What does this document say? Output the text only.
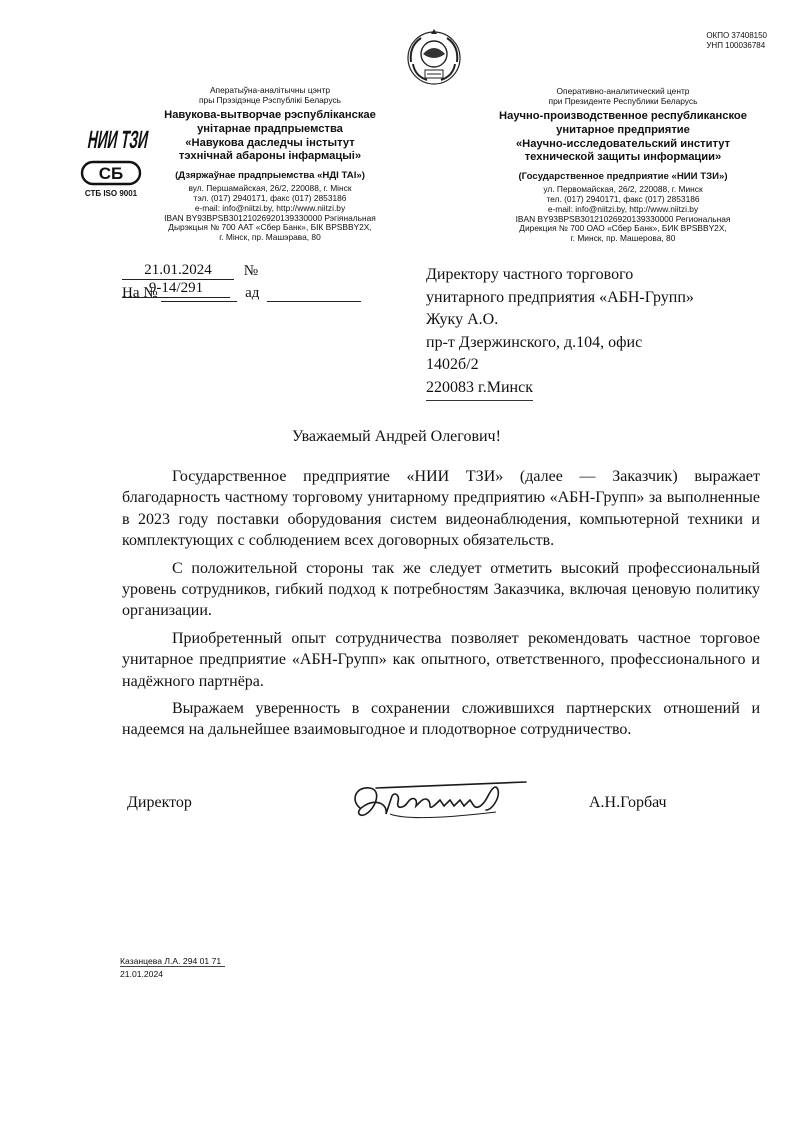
ОКПО 37408150
УНП 100036784
Аператыўна-аналітычны цэнтр
пры Прэзідэнце Рэспублікі Беларусь
Навукова-вытворчае рэспубліканскае
унітарнае прадпрыемства
«Навукова даследчы інстытут
тэхнічнай абароны інфармацыі»
(Дзяржаўнае прадпрыемства «НДІ ТАІ»)
вул. Першамайская, 26/2, 220088, г. Мінск
тэл. (017) 2940171, факс (017) 2853186
e-mail: info@niitzi.by, http://www.niitzi.by
IBAN BY93BPSB30121026920139330000 Рэгіянальная
Дырэкцыя № 700 ААТ «Сбер Банк», БІК BPSBBY2X,
г. Мінск, пр. Машэрава, 80
НИИ ТЗИ
СБ
СТБ ISO 9001
Оперативно-аналитический центр
при Президенте Республики Беларусь
Научно-производственное республиканское
унитарное предприятие
«Научно-исследовательский институт
технической защиты информации»
(Государственное предприятие «НИИ ТЗИ»)
ул. Первомайская, 26/2, 220088, г. Минск
тел. (017) 2940171, факс (017) 2853186
e-mail: info@niitzi.by, http://www.niitzi.by
IBAN BY93BPSB30121026920139330000 Региональная
Дирекция № 700 ОАО «Сбер Банк», БИК BPSBBY2X,
г. Минск, пр. Машерова, 80
21.01.2024 № 9-14/291
На №	ад
Директору частного торгового
унитарного предприятия «АБН-Групп»
Жуку А.О.
пр-т Дзержинского, д.104, офис
1402б/2
220083 г.Минск
Уважаемый Андрей Олегович!

Государственное предприятие «НИИ ТЗИ» (далее — Заказчик) выражает благодарность частному торговому унитарному предприятию «АБН-Групп» за выполненные в 2023 году поставки оборудования систем видеонаблюдения, компьютерной техники и комплектующих с соблюдением всех договорных обязательств.

С положительной стороны так же следует отметить высокий профессиональный уровень сотрудников, гибкий подход к потребностям Заказчика, включая ценовую политику организации.

Приобретенный опыт сотрудничества позволяет рекомендовать частное торговое унитарное предприятие «АБН-Групп» как опытного, ответственного, профессионального и надёжного партнёра.

Выражаем уверенность в сохранении сложившихся партнерских отношений и надеемся на дальнейшее взаимовыгодное и плодотворное сотрудничество.

Директор	А.Н.Горбач
Казанцева Л.А. 294 01 71
21.01.2024
